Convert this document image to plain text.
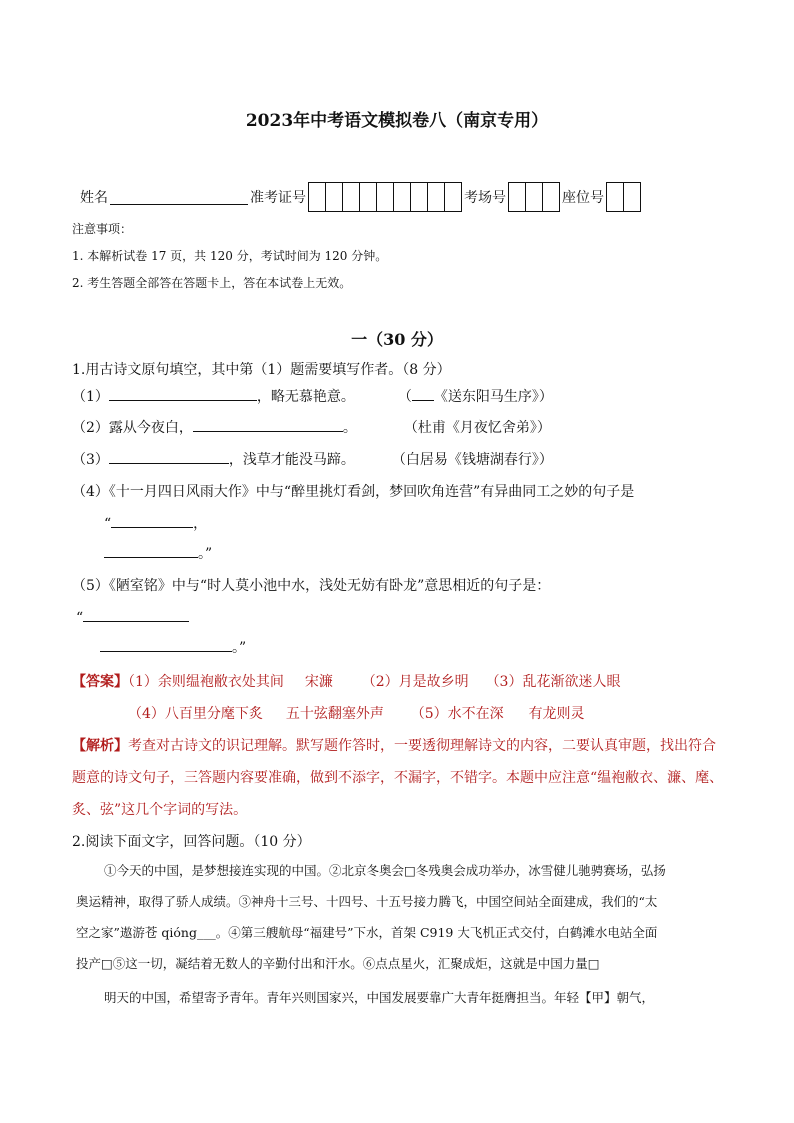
2023年中考语文模拟卷八（南京专用）
姓名	准考证号	考场号	座位号
注意事项：
1. 本解析试卷 17 页，共 120 分，考试时间为 120 分钟。
2. 考生答题全部答在答题卡上，答在本试卷上无效。
一（30 分）
1.用古诗文原句填空，其中第（1）题需要填写作者。（8 分）
（1）	，略无慕艳意。	（ 《送东阳马生序》）
（2）露从今夜白，	。	（杜甫《月夜忆舍弟》）
（3）	，浅草才能没马蹄。	（白居易《钱塘湖春行》）
（4）《十一月四日风雨大作》中与“醉里挑灯看剑，梦回吹角连营”有异曲同工之妙的句子是
“	，
。”
（5）《陋室铭》中与“时人莫小池中水，浅处无妨有卧龙”意思相近的句子是：
“
。”
【答案】（1）余则缊袍敝衣处其间 宋濂 （2）月是故乡明 （3）乱花渐欲迷人眼
（4）八百里分麾下炙 五十弦翻塞外声 （5）水不在深 有龙则灵
【解析】考查对古诗文的识记理解。默写题作答时，一要透彻理解诗文的内容，二要认真审题，找出符合
题意的诗文句子，三答题内容要准确，做到不添字，不漏字，不错字。本题中应注意“缊袍敝衣、濂、麾、
炙、弦”这几个字词的写法。
2.阅读下面文字，回答问题。（10 分）
①今天的中国，是梦想接连实现的中国。②北京冬奥会□冬残奥会成功举办，冰雪健儿驰骋赛场，弘扬
奥运精神，取得了骄人成绩。③神舟十三号、十四号、十五号接力腾飞，中国空间站全面建成，我们的“太
空之家”遨游苍 qióng___。④第三艘航母“福建号”下水，首架 C919 大飞机正式交付，白鹤滩水电站全面
投产□⑤这一切，凝结着无数人的辛勤付出和汗水。⑥点点星火，汇聚成炬，这就是中国力量□
明天的中国，希望寄予青年。青年兴则国家兴，中国发展要靠广大青年挺膺担当。年轻【甲】朝气，
